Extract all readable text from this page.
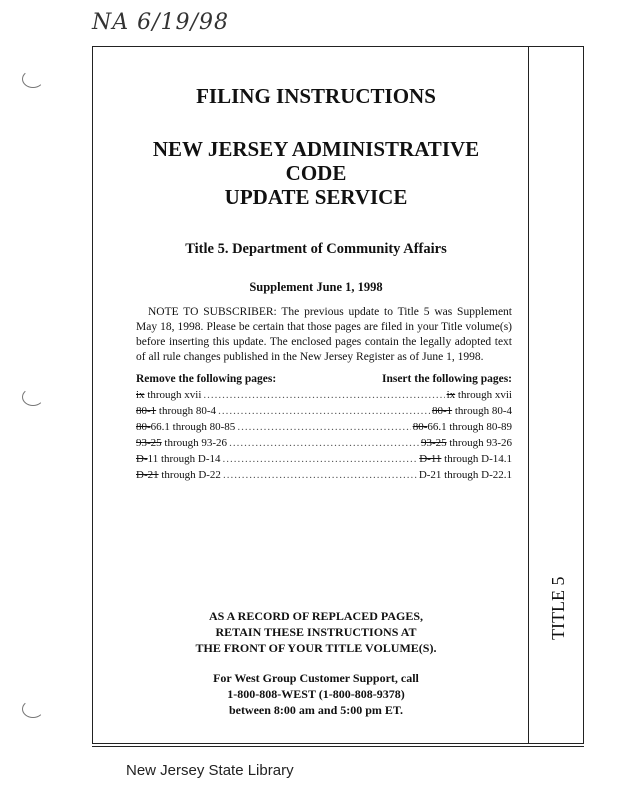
NA 6/19/98
TITLE 5
FILING INSTRUCTIONS
NEW JERSEY ADMINISTRATIVE CODE
UPDATE SERVICE
Title 5. Department of Community Affairs
Supplement June 1, 1998

NOTE TO SUBSCRIBER: The previous update to Title 5 was Supplement May 18, 1998. Please be certain that those pages are filed in your Title volume(s) before inserting this update. The enclosed pages contain the legally adopted text of all rule changes published in the New Jersey Register as of June 1, 1998.

Remove the following pages:	Insert the following pages:
ix through xvii .....	ix through xvii
80-1 through 80-4 .....	80-1 through 80-4
80-66.1 through 80-85 .....	80-66.1 through 80-89
93-25 through 93-26 .....	93-25 through 93-26
D-11 through D-14 .....	D-11 through D-14.1
D-21 through D-22 .....	D-21 through D-22.1
AS A RECORD OF REPLACED PAGES,
RETAIN THESE INSTRUCTIONS AT
THE FRONT OF YOUR TITLE VOLUME(S).
For West Group Customer Support, call
1-800-808-WEST (1-800-808-9378)
between 8:00 am and 5:00 pm ET.
New Jersey State Library
